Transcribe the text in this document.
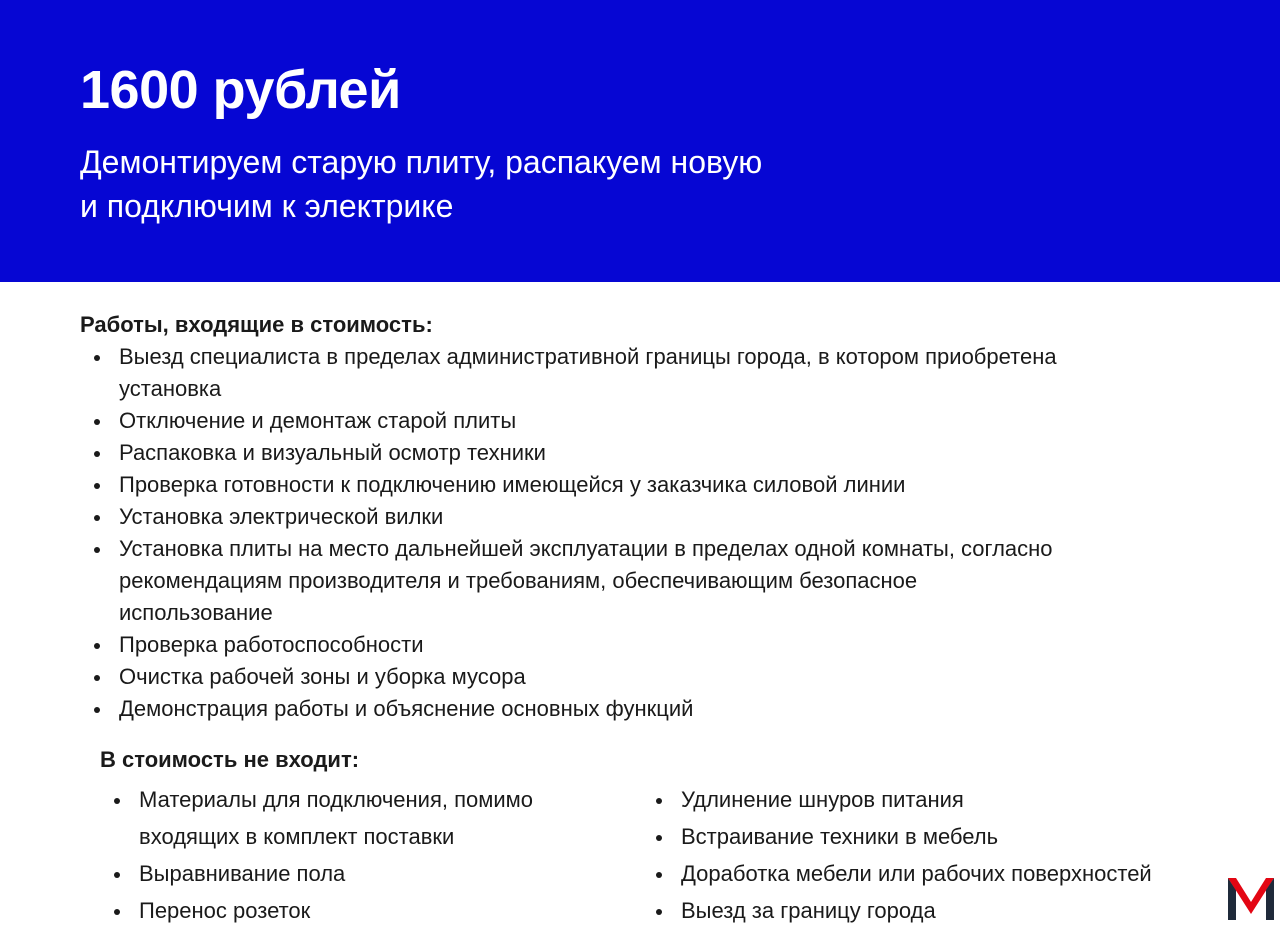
1600 рублей

Демонтируем старую плиту, распакуем новую
и подключим к электрике

Работы, входящие в стоимость:
Выезд специалиста в пределах административной границы города, в котором приобретена установка
Отключение и демонтаж старой плиты
Распаковка и визуальный осмотр техники
Проверка готовности к подключению имеющейся у заказчика силовой линии
Установка электрической вилки
Установка плиты на место дальнейшей эксплуатации в пределах одной комнаты, согласно рекомендациям производителя и требованиям, обеспечивающим безопасное использование
Проверка работоспособности
Очистка рабочей зоны и уборка мусора
Демонстрация работы и объяснение основных функций
В стоимость не входит:
Материалы для подключения, помимо входящих в комплект поставки
Выравнивание пола
Перенос розеток
Удлинение шнуров питания
Встраивание техники в мебель
Доработка мебели или рабочих поверхностей
Выезд за границу города
